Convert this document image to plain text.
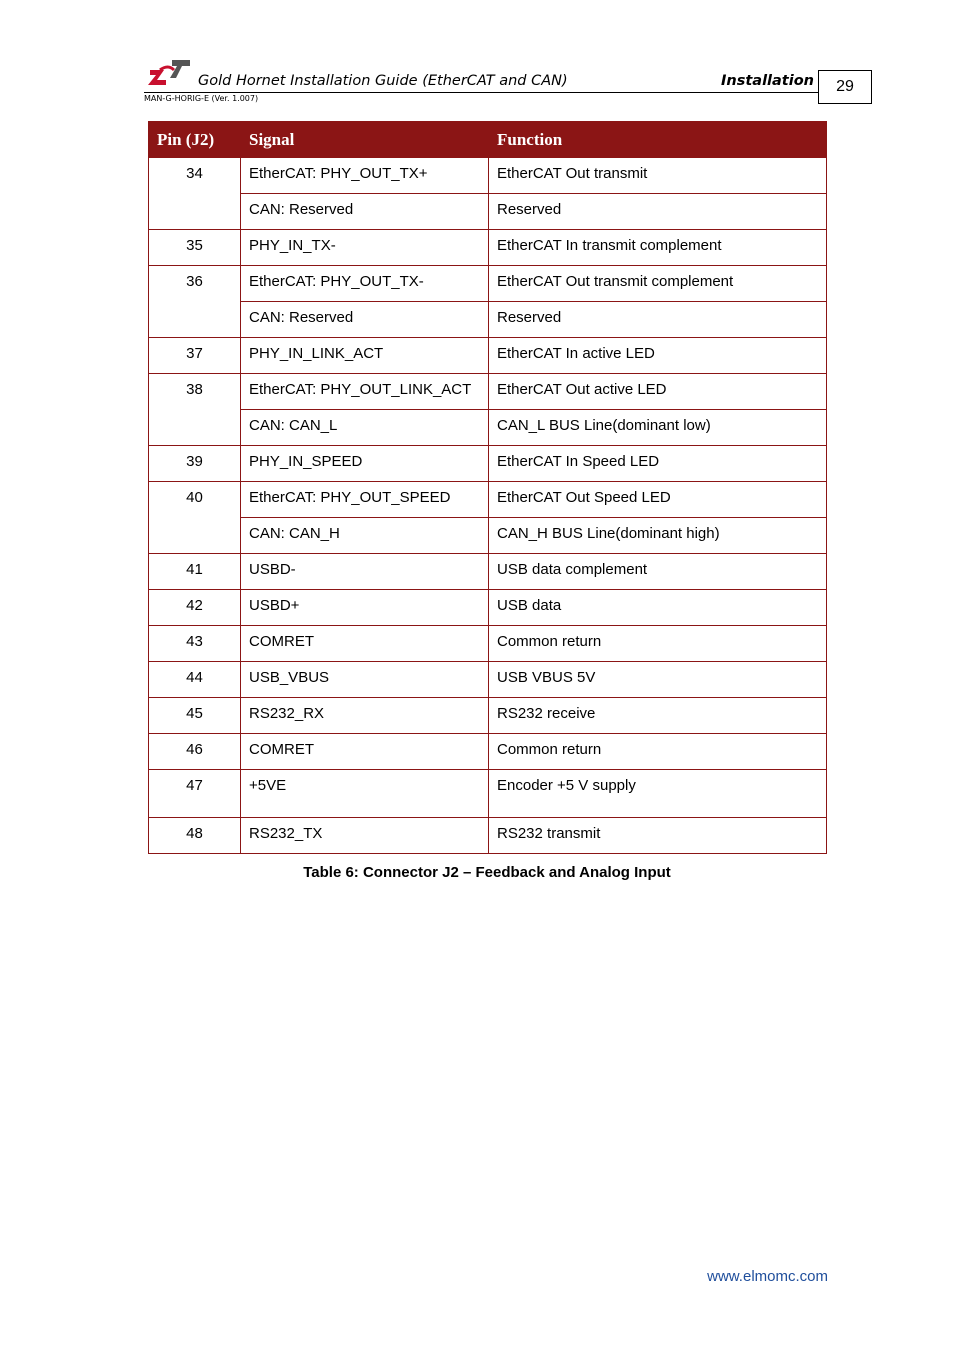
Gold Hornet Installation Guide (EtherCAT and CAN)	Installation
MAN-G-HORIG-E (Ver. 1.007)
29
Pin (J2)	Signal	Function
34	EtherCAT: PHY_OUT_TX+	EtherCAT Out transmit
	CAN: Reserved	Reserved
35	PHY_IN_TX-	EtherCAT In transmit complement
36	EtherCAT: PHY_OUT_TX-	EtherCAT Out transmit complement
	CAN: Reserved	Reserved
37	PHY_IN_LINK_ACT	EtherCAT In active LED
38	EtherCAT: PHY_OUT_LINK_ACT	EtherCAT Out active LED
	CAN: CAN_L	CAN_L BUS Line(dominant low)
39	PHY_IN_SPEED	EtherCAT In Speed LED
40	EtherCAT: PHY_OUT_SPEED	EtherCAT Out Speed LED
	CAN: CAN_H	CAN_H BUS Line(dominant high)
41	USBD-	USB data complement
42	USBD+	USB data
43	COMRET	Common return
44	USB_VBUS	USB VBUS 5V
45	RS232_RX	RS232 receive
46	COMRET	Common return
47	+5VE	Encoder +5 V supply
48	RS232_TX	RS232 transmit
Table 6: Connector J2 – Feedback and Analog Input
www.elmomc.com
